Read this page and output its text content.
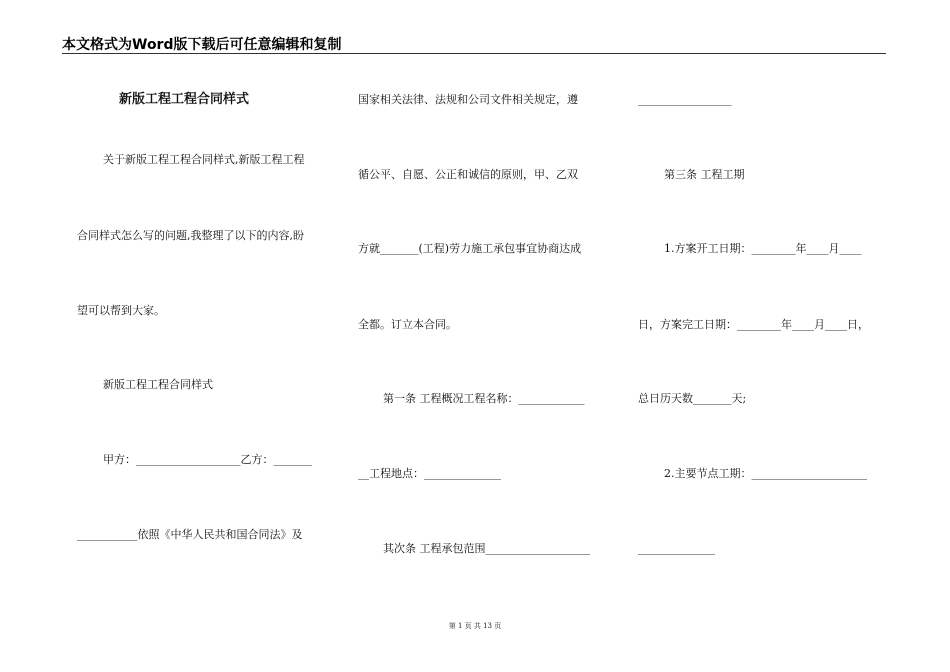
本文格式为Word版下载后可任意编辑和复制
新版工程工程合同样式
关于新版工程工程合同样式,新版工程工程
合同样式怎么写的问题,我整理了以下的内容,盼
望可以帮到大家。
新版工程工程合同样式
甲方：___________________乙方：_______
___________依照《中华人民共和国合同法》及
国家相关法律、法规和公司文件相关规定，遵
循公平、自愿、公正和诚信的原则，甲、乙双
方就_______(工程)劳力施工承包事宜协商达成
全都。订立本合同。
第一条 工程概况工程名称：____________
__工程地点：______________
其次条 工程承包范围___________________
_________________
第三条 工程工期
1.方案开工日期：________年____月____
日，方案完工日期：________年____月____日，
总日历天数_______天;
2.主要节点工期：_____________________
______________
第 1 页 共 13 页
